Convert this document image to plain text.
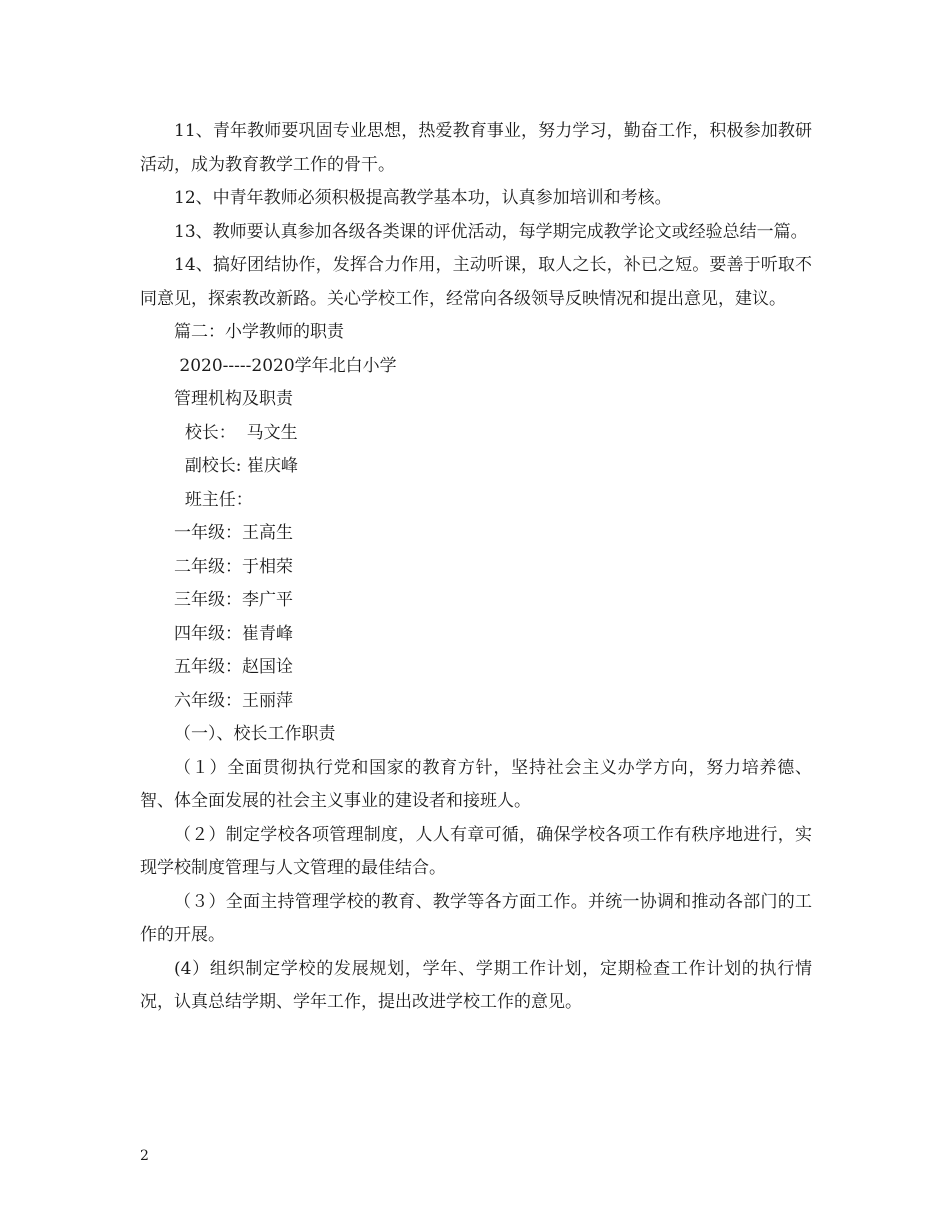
11、青年教师要巩固专业思想，热爱教育事业，努力学习，勤奋工作，积极参加教研活动，成为教育教学工作的骨干。

12、中青年教师必须积极提高教学基本功，认真参加培训和考核。

13、教师要认真参加各级各类课的评优活动，每学期完成教学论文或经验总结一篇。

14、搞好团结协作，发挥合力作用，主动听课，取人之长，补已之短。要善于听取不同意见，探索教改新路。关心学校工作，经常向各级领导反映情况和提出意见，建议。

篇二：小学教师的职责

2020-----2020学年北白小学

管理机构及职责

校长：  马文生

副校长: 崔庆峰

班主任：

一年级：王高生

二年级：于相荣

三年级：李广平

四年级：崔青峰

五年级：赵国诠

六年级：王丽萍

（一）、校长工作职责

（１）全面贯彻执行党和国家的教育方针，坚持社会主义办学方向，努力培养德、智、体全面发展的社会主义事业的建设者和接班人。

（２）制定学校各项管理制度，人人有章可循，确保学校各项工作有秩序地进行，实现学校制度管理与人文管理的最佳结合。

（３）全面主持管理学校的教育、教学等各方面工作。并统一协调和推动各部门的工作的开展。

(4）组织制定学校的发展规划，学年、学期工作计划，定期检查工作计划的执行情况，认真总结学期、学年工作，提出改进学校工作的意见。

2
